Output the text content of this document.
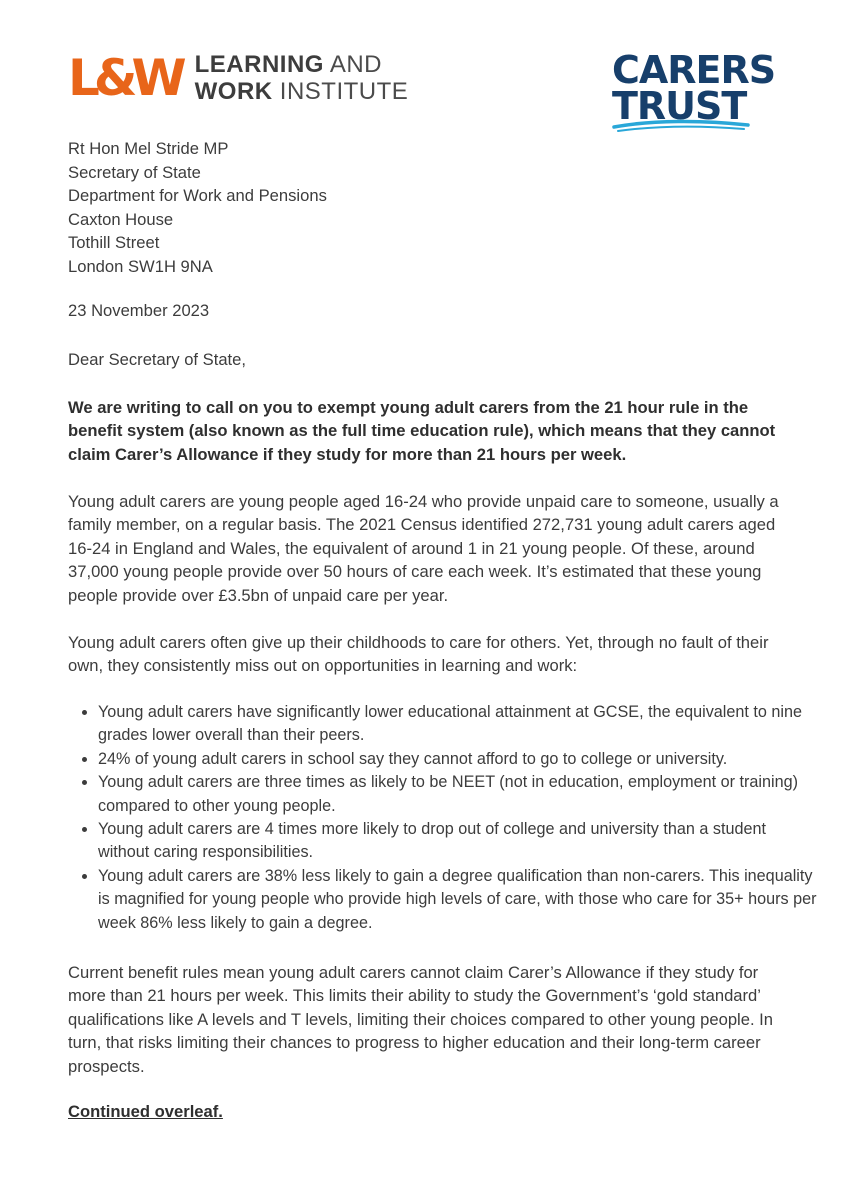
L&W LEARNING AND
WORK INSTITUTE	CARERS
TRUST
Rt Hon Mel Stride MP
Secretary of State
Department for Work and Pensions
Caxton House
Tothill Street
London SW1H 9NA
23 November 2023
Dear Secretary of State,

We are writing to call on you to exempt young adult carers from the 21 hour rule in the benefit system (also known as the full time education rule), which means that they cannot claim Carer’s Allowance if they study for more than 21 hours per week.

Young adult carers are young people aged 16-24 who provide unpaid care to someone, usually a family member, on a regular basis. The 2021 Census identified 272,731 young adult carers aged 16-24 in England and Wales, the equivalent of around 1 in 21 young people. Of these, around 37,000 young people provide over 50 hours of care each week. It’s estimated that these young people provide over £3.5bn of unpaid care per year.

Young adult carers often give up their childhoods to care for others. Yet, through no fault of their own, they consistently miss out on opportunities in learning and work:

• Young adult carers have significantly lower educational attainment at GCSE, the equivalent to nine grades lower overall than their peers.
• 24% of young adult carers in school say they cannot afford to go to college or university.
• Young adult carers are three times as likely to be NEET (not in education, employment or training) compared to other young people.
• Young adult carers are 4 times more likely to drop out of college and university than a student without caring responsibilities.
• Young adult carers are 38% less likely to gain a degree qualification than non-carers. This inequality is magnified for young people who provide high levels of care, with those who care for 35+ hours per week 86% less likely to gain a degree.

Current benefit rules mean young adult carers cannot claim Carer’s Allowance if they study for more than 21 hours per week. This limits their ability to study the Government’s ‘gold standard’ qualifications like A levels and T levels, limiting their choices compared to other young people. In turn, that risks limiting their chances to progress to higher education and their long-term career prospects.

Continued overleaf.
